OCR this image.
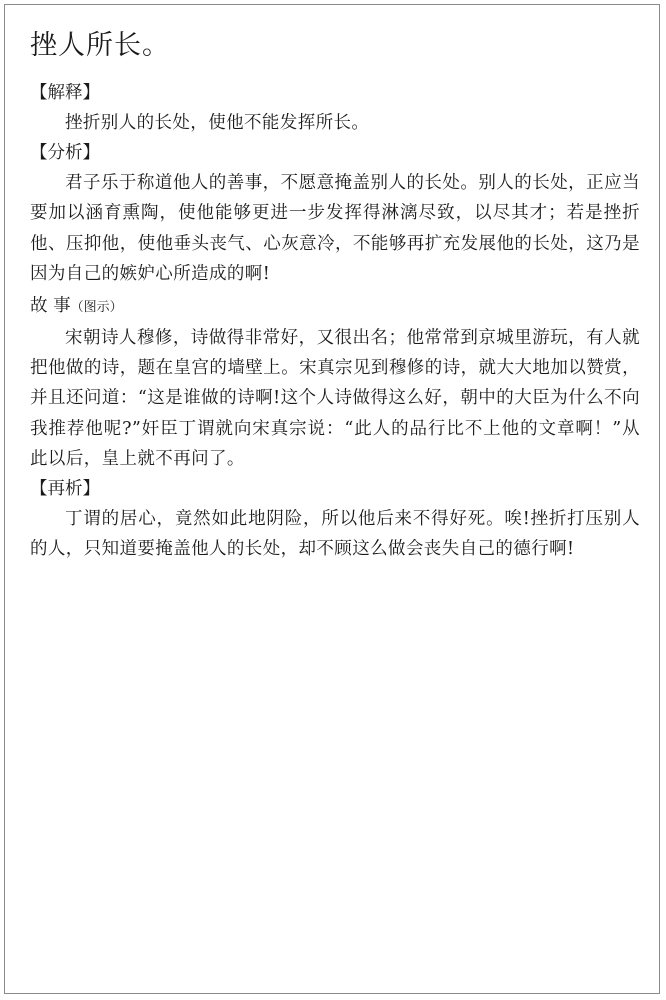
挫人所长。
【解释】

挫折别人的长处，使他不能发挥所长。

【分析】

君子乐于称道他人的善事，不愿意掩盖别人的长处。别人的长处，正应当要加以涵育熏陶，使他能够更进一步发挥得淋漓尽致，以尽其才；若是挫折他、压抑他，使他垂头丧气、心灰意冷，不能够再扩充发展他的长处，这乃是因为自己的嫉妒心所造成的啊!

故 事（图示）

宋朝诗人穆修，诗做得非常好，又很出名；他常常到京城里游玩，有人就把他做的诗，题在皇宫的墙壁上。宋真宗见到穆修的诗，就大大地加以赞赏，并且还问道：“这是谁做的诗啊!这个人诗做得这么好，朝中的大臣为什么不向我推荐他呢?”奸臣丁谓就向宋真宗说：“此人的品行比不上他的文章啊！”从此以后，皇上就不再问了。

【再析】

丁谓的居心，竟然如此地阴险，所以他后来不得好死。唉!挫折打压别人的人，只知道要掩盖他人的长处，却不顾这么做会丧失自己的德行啊!
